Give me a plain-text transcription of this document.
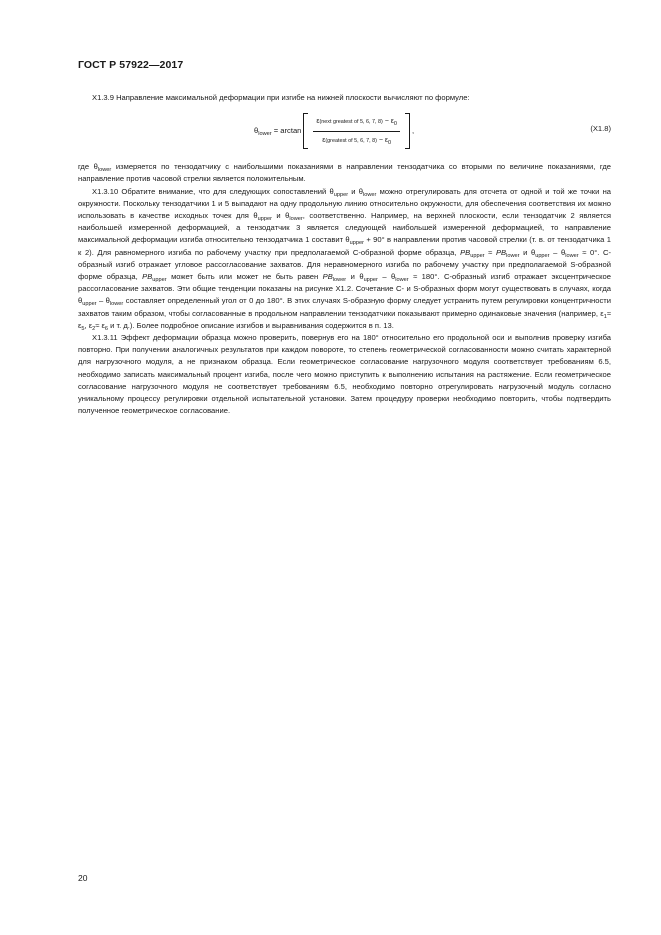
ГОСТ Р 57922—2017

X1.3.9 Направление максимальной деформации при изгибе на нижней плоскости вычисляют по формуле:

$\theta_{lower}$
= $\arctan \frac{\varepsilon(next greatest of 5, 6, 7, 8) - \varepsilon_0}{\varepsilon(greatest of 5, 6, 7, 8) - \varepsilon_0}$ ,	(X1.8)

где $\theta_{lower}$ измеряется по тензодатчику с наибольшими показаниями в направлении тензодатчика со вторыми по величине показаниями, где направление против часовой стрелки является положительным.

X1.3.10 Обратите внимание, что для следующих сопоставлений $\theta_{upper}$ и $\theta_{lower}$ можно отрегулировать для отсчета от одной и той же точки на окружности. Поскольку тензодатчики 1 и 5 выпадают на одну продольную линию относительно окружности, для обеспечения соответствия их можно использовать в качестве исходных точек для $\theta_{upper}$ и $\theta_{lower}$, соответственно. Например, на верхней плоскости, если тензодатчик 2 является наибольшей измеренной деформацией, а тензодатчик 3 является следующей наибольшей измеренной деформацией, то направление максимальной деформации изгиба относительно тензодатчика 1 составит $\theta_{upper} + 90^\circ$ в направлении против часовой стрелки (т. в. от тензодатчика 1 к 2). Для равномерного изгиба по рабочему участку при предполагаемой С-образной форме образца, $PB_{upper} \approx PB_{lower}$ и $\theta_{upper} - \theta_{lower} \approx 0^\circ$. С-образный изгиб отражает угловое рассогласование захватов. Для неравномерного изгиба по рабочему участку при предполагаемой S-образной форме образца, $PB_{upper}$ может быть или может не быть равен $PB_{lower}$ и $\theta_{upper} - \theta_{lower} \approx 180^\circ$. С-образный изгиб отражает эксцентрическое рассогласование захватов. Эти общие тенденции показаны на рисунке X1.2. Сочетание С- и S-образных форм могут существовать в случаях, когда $\theta_{upper} - \theta_{lower}$ составляет определенный угол от 0 до 180°. В этих случаях S-образную форму следует устранить путем регулировки концентричности захватов таким образом, чтобы согласованные в продольном направлении тензодатчики показывают примерно одинаковые значения (например, $\varepsilon_1\approx \varepsilon_5$, $\varepsilon_2\approx \varepsilon_6$ и т. д.). Более подробное описание изгибов и выравнивания содержится в п. 13.

X1.3.11 Эффект деформации образца можно проверить, повернув его на 180° относительно его продольной оси и выполнив проверку изгиба повторно. При получении аналогичных результатов при каждом повороте, то степень геометрической согласованности можно считать характерной для нагрузочного модуля, а не признаком образца. Если геометрическое согласование нагрузочного модуля соответствует требованиям 6.5, необходимо записать максимальный процент изгиба, после чего можно приступить к выполнению испытания на растяжение. Если геометрическое согласование нагрузочного модуля не соответствует требованиям 6.5, необходимо повторно отрегулировать нагрузочный модуль согласно уникальному процессу регулировки отдельной испытательной установки. Затем процедуру проверки необходимо повторить, чтобы подтвердить полученное геометрическое согласование.

20
